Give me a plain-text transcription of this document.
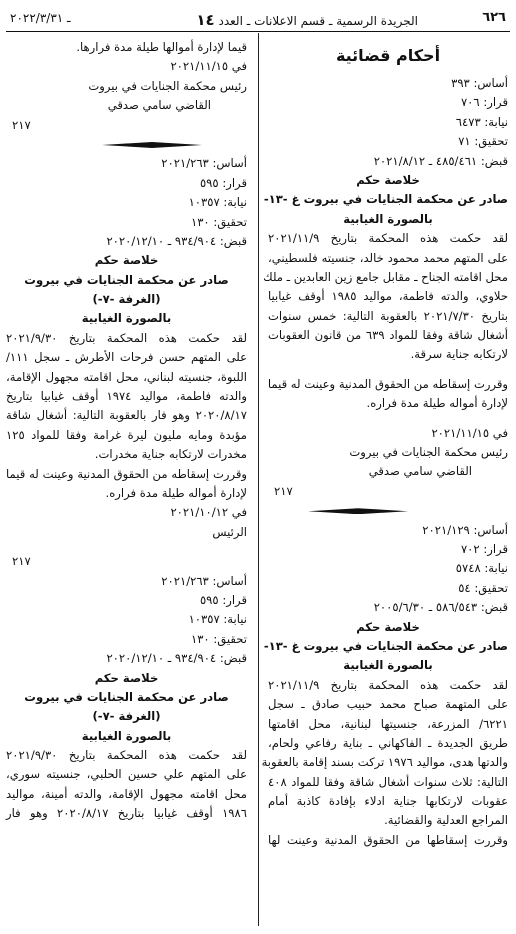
٦٢٦
الجريدة الرسمية ـ قسم الاعلانات ـ العدد ١٤
ـ ٢٠٢٢/٣/٣١
أحكام قضائية
أساس: ٣٩٣
قرار: ٧٠٦
نيابة: ٦٤٧٣
تحقيق: ٧١
قبض: ٤٨٥/٤٦١ ـ ٢٠٢١/٨/١٢
خلاصة حكم
صادر عن محكمة الجنايات في بيروت غ -١٣-
بالصورة الغيابية
لقد حكمت هذه المحكمة بتاريخ ٢٠٢١/١١/٩
على المتهم محمد محمود خالد، جنسيته فلسطيني،
محل اقامته الجناح ـ مقابل جامع زين العابدين ـ ملك
حلاوي، والدته فاطمة، مواليد ١٩٨٥ أوقف غيابيا
بتاريخ ٢٠٢١/٧/٣٠ بالعقوبة التالية: خمس سنوات
أشغال شاقة وفقا للمواد ٦٣٩ من قانون العقوبات
لارتكابه جناية سرقة.
وقررت إسقاطه من الحقوق المدنية وعينت له قيما
لإدارة أمواله طيلة مدة فراره.
في ٢٠٢١/١١/١٥
رئيس محكمة الجنايات في بيروت
القاضي سامي صدقي
٢١٧
أساس: ٢٠٢١/١٢٩
قرار: ٧٠٢
نيابة: ٥٧٤٨
تحقيق: ٥٤
قبض: ٥٨٦/٥٤٣ ـ ٢٠٠٥/٦/٣٠
خلاصة حكم
صادر عن محكمة الجنايات في بيروت غ -١٣-
بالصورة الغيابية
لقد حكمت هذه المحكمة بتاريخ ٢٠٢١/١١/٩
على المتهمة صباح محمد حبيب صادق ـ سجل
٦٢٢١/ المزرعة، جنسيتها لبنانية، محل اقامتها
طريق الجديدة ـ الفاكهاني ـ بناية رفاعي ولحام،
والدتها هدى، مواليد ١٩٧٦ تركت بسند إقامة بالعقوبة
التالية: ثلاث سنوات أشغال شاقة وفقا للمواد ٤٠٨
عقوبات لارتكابها جناية ادلاء بإفادة كاذبة أمام
المراجع العدلية والقضائية.
وقررت إسقاطها من الحقوق المدنية وعينت لها
قيما لإدارة أموالها طيلة مدة فرارها.
في ٢٠٢١/١١/١٥
رئيس محكمة الجنايات في بيروت
القاضي سامي صدقي
٢١٧
أساس: ٢٠٢١/٢٦٣
قرار: ٥٩٥
نيابة: ١٠٣٥٧
تحقيق: ١٣٠
قبض: ٩٣٤/٩٠٤ ـ ٢٠٢٠/١٢/١٠
خلاصة حكم
صادر عن محكمة الجنايات في بيروت
(الغرفة -٧-)
بالصورة الغيابية
لقد حكمت هذه المحكمة بتاريخ ٢٠٢١/٩/٣٠
على المتهم حسن فرحات الأطرش ـ سجل ١١١/
اللبوة، جنسيته لبناني، محل اقامته مجهول الإقامة،
والدته فاطمة، مواليد ١٩٧٤ أوقف غيابيا بتاريخ
٢٠٢٠/٨/١٧ وهو فار بالعقوبة التالية: أشغال شاقة
مؤبدة ومايه مليون ليرة غرامة وفقا للمواد ١٢٥
مخدرات لارتكابه جناية مخدرات.
وقررت إسقاطه من الحقوق المدنية وعينت له قيما
لإدارة أمواله طيلة مدة فراره.
في ٢٠٢١/١٠/١٢
الرئيس
٢١٧
أساس: ٢٠٢١/٢٦٣
قرار: ٥٩٥
نيابة: ١٠٣٥٧
تحقيق: ١٣٠
قبض: ٩٣٤/٩٠٤ ـ ٢٠٢٠/١٢/١٠
خلاصة حكم
صادر عن محكمة الجنايات في بيروت
(الغرفة -٧-)
بالصورة الغيابية
لقد حكمت هذه المحكمة بتاريخ ٢٠٢١/٩/٣٠
على المتهم علي حسين الحلبي، جنسيته سوري،
محل اقامته مجهول الإقامة، والدته أمينة، مواليد
١٩٨٦ أوقف غيابيا بتاريخ ٢٠٢٠/٨/١٧ وهو فار
